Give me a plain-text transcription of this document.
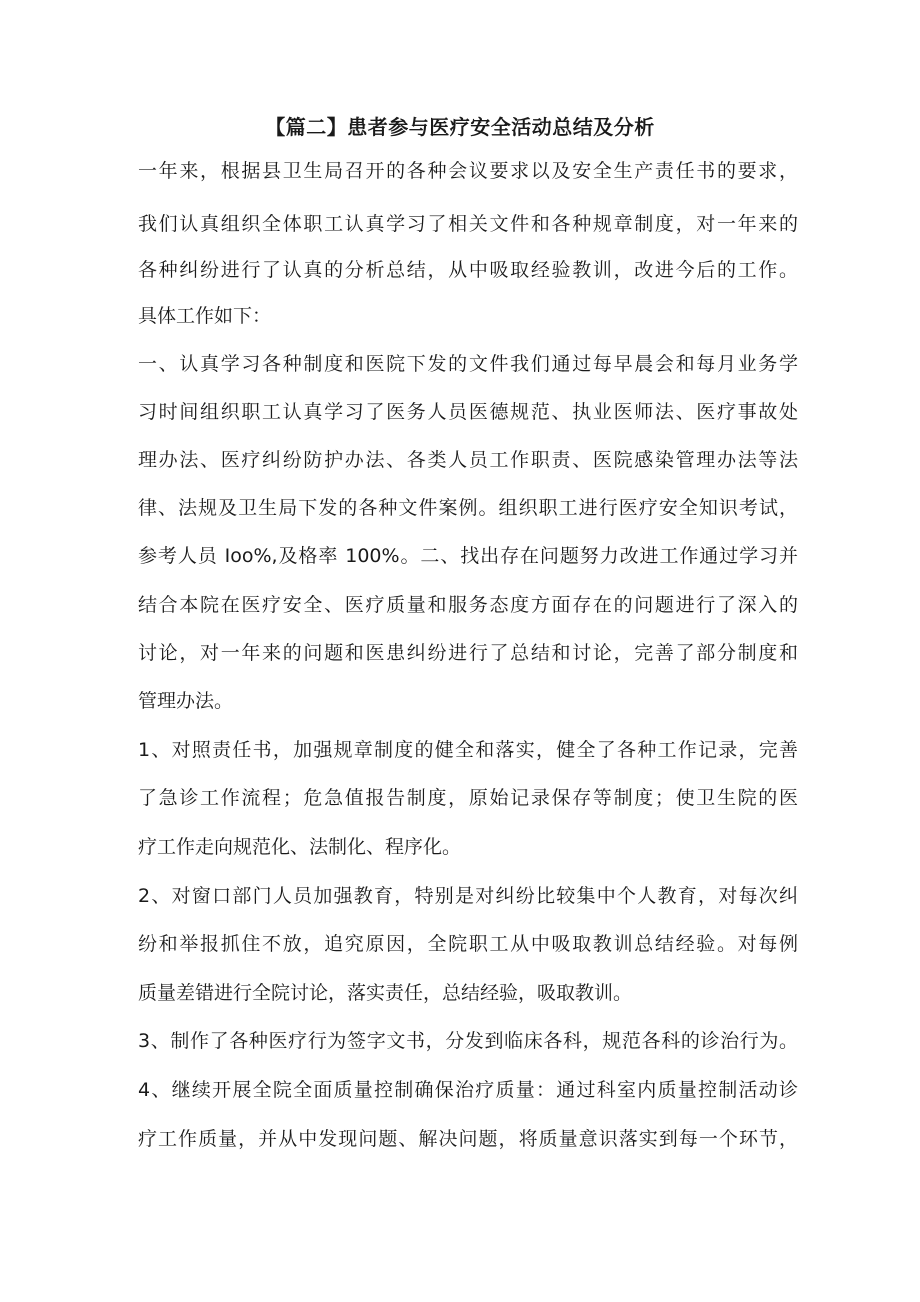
【篇二】患者参与医疗安全活动总结及分析
一年来，根据县卫生局召开的各种会议要求以及安全生产责任书的要求，
我们认真组织全体职工认真学习了相关文件和各种规章制度，对一年来的
各种纠纷进行了认真的分析总结，从中吸取经验教训，改进今后的工作。
具体工作如下：
一、认真学习各种制度和医院下发的文件我们通过每早晨会和每月业务学
习时间组织职工认真学习了医务人员医德规范、执业医师法、医疗事故处
理办法、医疗纠纷防护办法、各类人员工作职责、医院感染管理办法等法
律、法规及卫生局下发的各种文件案例。组织职工进行医疗安全知识考试，
参考人员 Ioo%,及格率 100%。二、找出存在问题努力改进工作通过学习并
结合本院在医疗安全、医疗质量和服务态度方面存在的问题进行了深入的
讨论，对一年来的问题和医患纠纷进行了总结和讨论，完善了部分制度和
管理办法。
1、对照责任书，加强规章制度的健全和落实，健全了各种工作记录，完善
了急诊工作流程；危急值报告制度，原始记录保存等制度；使卫生院的医
疗工作走向规范化、法制化、程序化。
2、对窗口部门人员加强教育，特别是对纠纷比较集中个人教育，对每次纠
纷和举报抓住不放，追究原因，全院职工从中吸取教训总结经验。对每例
质量差错进行全院讨论，落实责任，总结经验，吸取教训。
3、制作了各种医疗行为签字文书，分发到临床各科，规范各科的诊治行为。
4、继续开展全院全面质量控制确保治疗质量：通过科室内质量控制活动诊
疗工作质量，并从中发现问题、解决问题，将质量意识落实到每一个环节，
